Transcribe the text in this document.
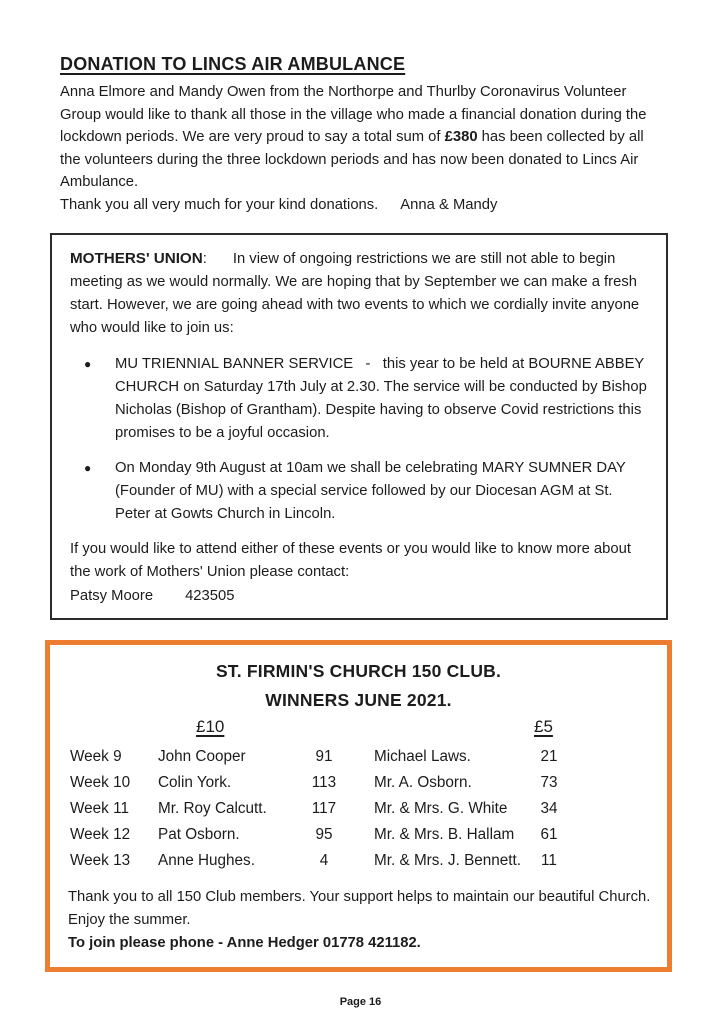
DONATION TO LINCS AIR AMBULANCE

Anna Elmore and Mandy Owen from the Northorpe and Thurlby Coronavirus Volunteer Group would like to thank all those in the village who made a financial donation during the lockdown periods. We are very proud to say a total sum of £380 has been collected by all the volunteers during the three lockdown periods and has now been donated to Lincs Air Ambulance.

Thank you all very much for your kind donations. Anna & Mandy

MOTHERS' UNION: In view of ongoing restrictions we are still not able to begin meeting as we would normally. We are hoping that by September we can make a fresh start. However, we are going ahead with two events to which we cordially invite anyone who would like to join us:

● MU TRIENNIAL BANNER SERVICE   -   this year to be held at BOURNE ABBEY CHURCH on Saturday 17th July at 2.30. The service will be conducted by Bishop Nicholas (Bishop of Grantham). Despite having to observe Covid restrictions this promises to be a joyful occasion.
● On Monday 9th August at 10am we shall be celebrating MARY SUMNER DAY (Founder of MU) with a special service followed by our Diocesan AGM at St. Peter at Gowts Church in Lincoln.

If you would like to attend either of these events or you would like to know more about the work of Mothers' Union please contact:

Patsy Moore 423505

ST. FIRMIN'S CHURCH 150 CLUB.
WINNERS JUNE 2021.
£10	£5
Week 9	John Cooper	91	Michael Laws.	21
Week 10	Colin York.	113	Mr. A. Osborn.	73
Week 11	Mr. Roy Calcutt.	117	Mr. & Mrs. G. White	34
Week 12	Pat Osborn.	95	Mr. & Mrs. B. Hallam	61
Week 13	Anne Hughes.	4	Mr. & Mrs. J. Bennett.	11

Thank you to all 150 Club members. Your support helps to maintain our beautiful Church. Enjoy the summer.

To join please phone - Anne Hedger 01778 421182.

Page 16
